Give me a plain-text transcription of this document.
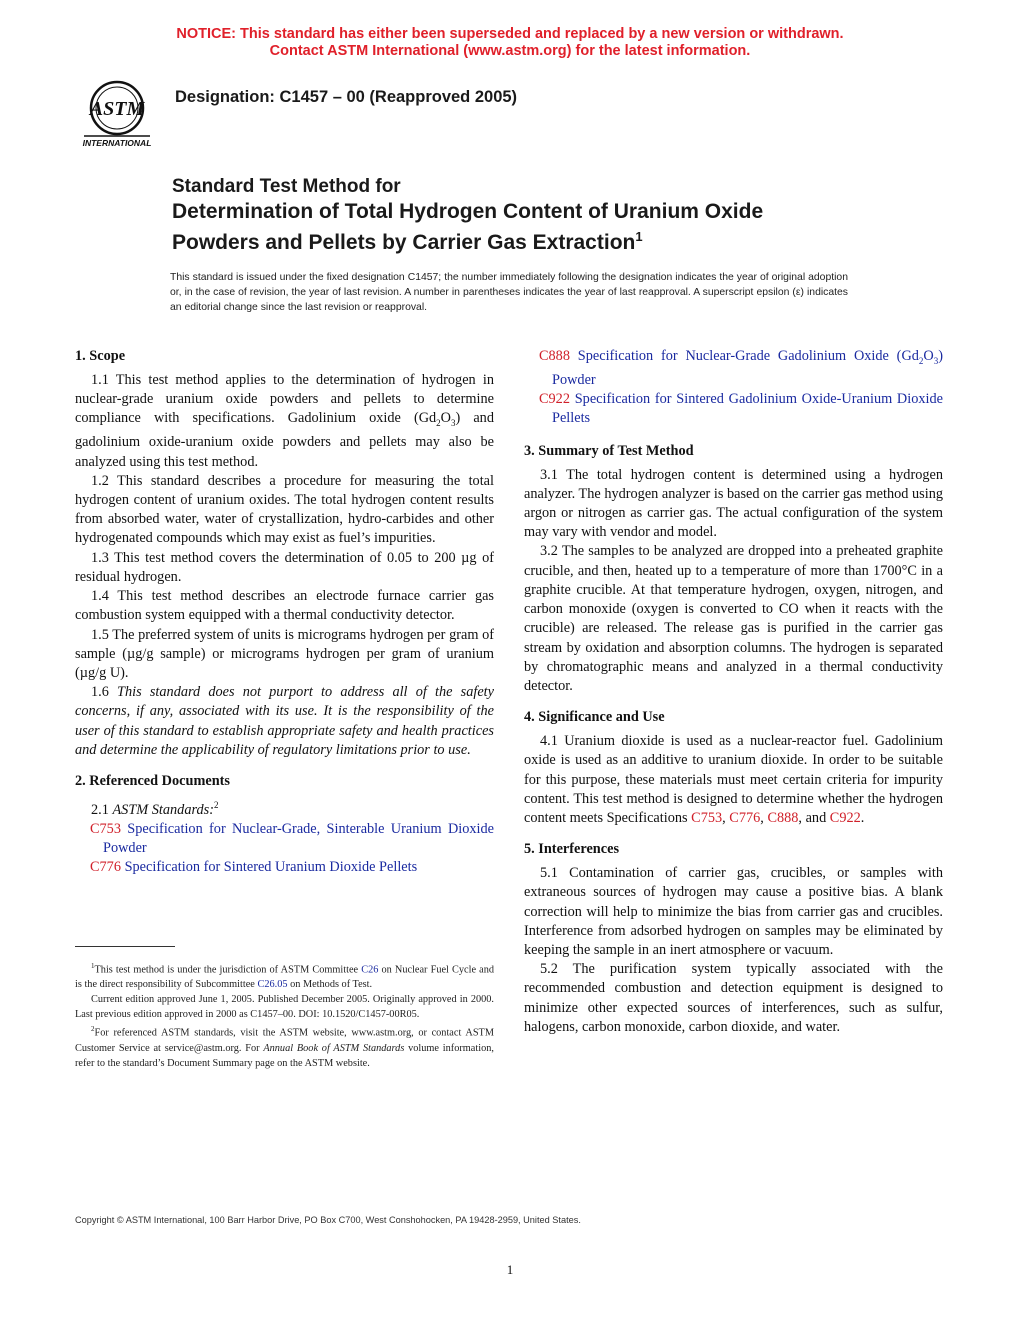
NOTICE: This standard has either been superseded and replaced by a new version or withdrawn.
Contact ASTM International (www.astm.org) for the latest information.
ASTM
INTERNATIONAL
Designation: C1457 – 00 (Reapproved 2005)
Standard Test Method for
Determination of Total Hydrogen Content of Uranium Oxide
Powders and Pellets by Carrier Gas Extraction$^1$
This standard is issued under the fixed designation C1457; the number immediately following the designation indicates the year of original adoption or, in the case of revision, the year of last revision. A number in parentheses indicates the year of last reapproval. A superscript epsilon (ε) indicates an editorial change since the last revision or reapproval.
1. Scope

1.1 This test method applies to the determination of hydrogen in nuclear-grade uranium oxide powders and pellets to determine compliance with specifications. Gadolinium oxide $(Gd_2O_3)$ and gadolinium oxide-uranium oxide powders and pellets may also be analyzed using this test method.

1.2 This standard describes a procedure for measuring the total hydrogen content of uranium oxides. The total hydrogen content results from absorbed water, water of crystallization, hydro-carbides and other hydrogenated compounds which may exist as fuel’s impurities.

1.3 This test method covers the determination of 0.05 to 200 µg of residual hydrogen.

1.4 This test method describes an electrode furnace carrier gas combustion system equipped with a thermal conductivity detector.

1.5 The preferred system of units is micrograms hydrogen per gram of sample (µg/g sample) or micrograms hydrogen per gram of uranium (µg/g U).

1.6 This standard does not purport to address all of the safety concerns, if any, associated with its use. It is the responsibility of the user of this standard to establish appropriate safety and health practices and determine the applicability of regulatory limitations prior to use.

2. Referenced Documents

2.1 ASTM Standards:$^2$

C753 Specification for Nuclear-Grade, Sinterable Uranium Dioxide Powder

C776 Specification for Sintered Uranium Dioxide Pellets

C888 Specification for Nuclear-Grade Gadolinium Oxide $(Gd_2O_3)$ Powder

C922 Specification for Sintered Gadolinium Oxide-Uranium Dioxide Pellets

3. Summary of Test Method

3.1 The total hydrogen content is determined using a hydrogen analyzer. The hydrogen analyzer is based on the carrier gas method using argon or nitrogen as carrier gas. The actual configuration of the system may vary with vendor and model.

3.2 The samples to be analyzed are dropped into a preheated graphite crucible, and then, heated up to a temperature of more than 1700°C in a graphite crucible. At that temperature hydrogen, oxygen, nitrogen, and carbon monoxide (oxygen is converted to CO when it reacts with the crucible) are released. The release gas is purified in the carrier gas stream by oxidation and absorption columns. The hydrogen is separated by chromatographic means and analyzed in a thermal conductivity detector.

4. Significance and Use

4.1 Uranium dioxide is used as a nuclear-reactor fuel. Gadolinium oxide is used as an additive to uranium dioxide. In order to be suitable for this purpose, these materials must meet certain criteria for impurity content. This test method is designed to determine whether the hydrogen content meets Specifications C753, C776, C888, and C922.

5. Interferences

5.1 Contamination of carrier gas, crucibles, or samples with extraneous sources of hydrogen may cause a positive bias. A blank correction will help to minimize the bias from carrier gas and crucibles. Interference from adsorbed hydrogen on samples may be eliminated by keeping the sample in an inert atmosphere or vacuum.

5.2 The purification system typically associated with the recommended combustion and detection equipment is designed to minimize other expected sources of interferences, such as sulfur, halogens, carbon monoxide, carbon dioxide, and water.

$^1$This test method is under the jurisdiction of ASTM Committee C26 on Nuclear Fuel Cycle and is the direct responsibility of Subcommittee C26.05 on Methods of Test.

Current edition approved June 1, 2005. Published December 2005. Originally approved in 2000. Last previous edition approved in 2000 as C1457–00. DOI: 10.1520/C1457-00R05.

$^2$For referenced ASTM standards, visit the ASTM website, www.astm.org, or contact ASTM Customer Service at service@astm.org. For Annual Book of ASTM Standards volume information, refer to the standard’s Document Summary page on the ASTM website.

Copyright © ASTM International, 100 Barr Harbor Drive, PO Box C700, West Conshohocken, PA 19428-2959, United States.
1
